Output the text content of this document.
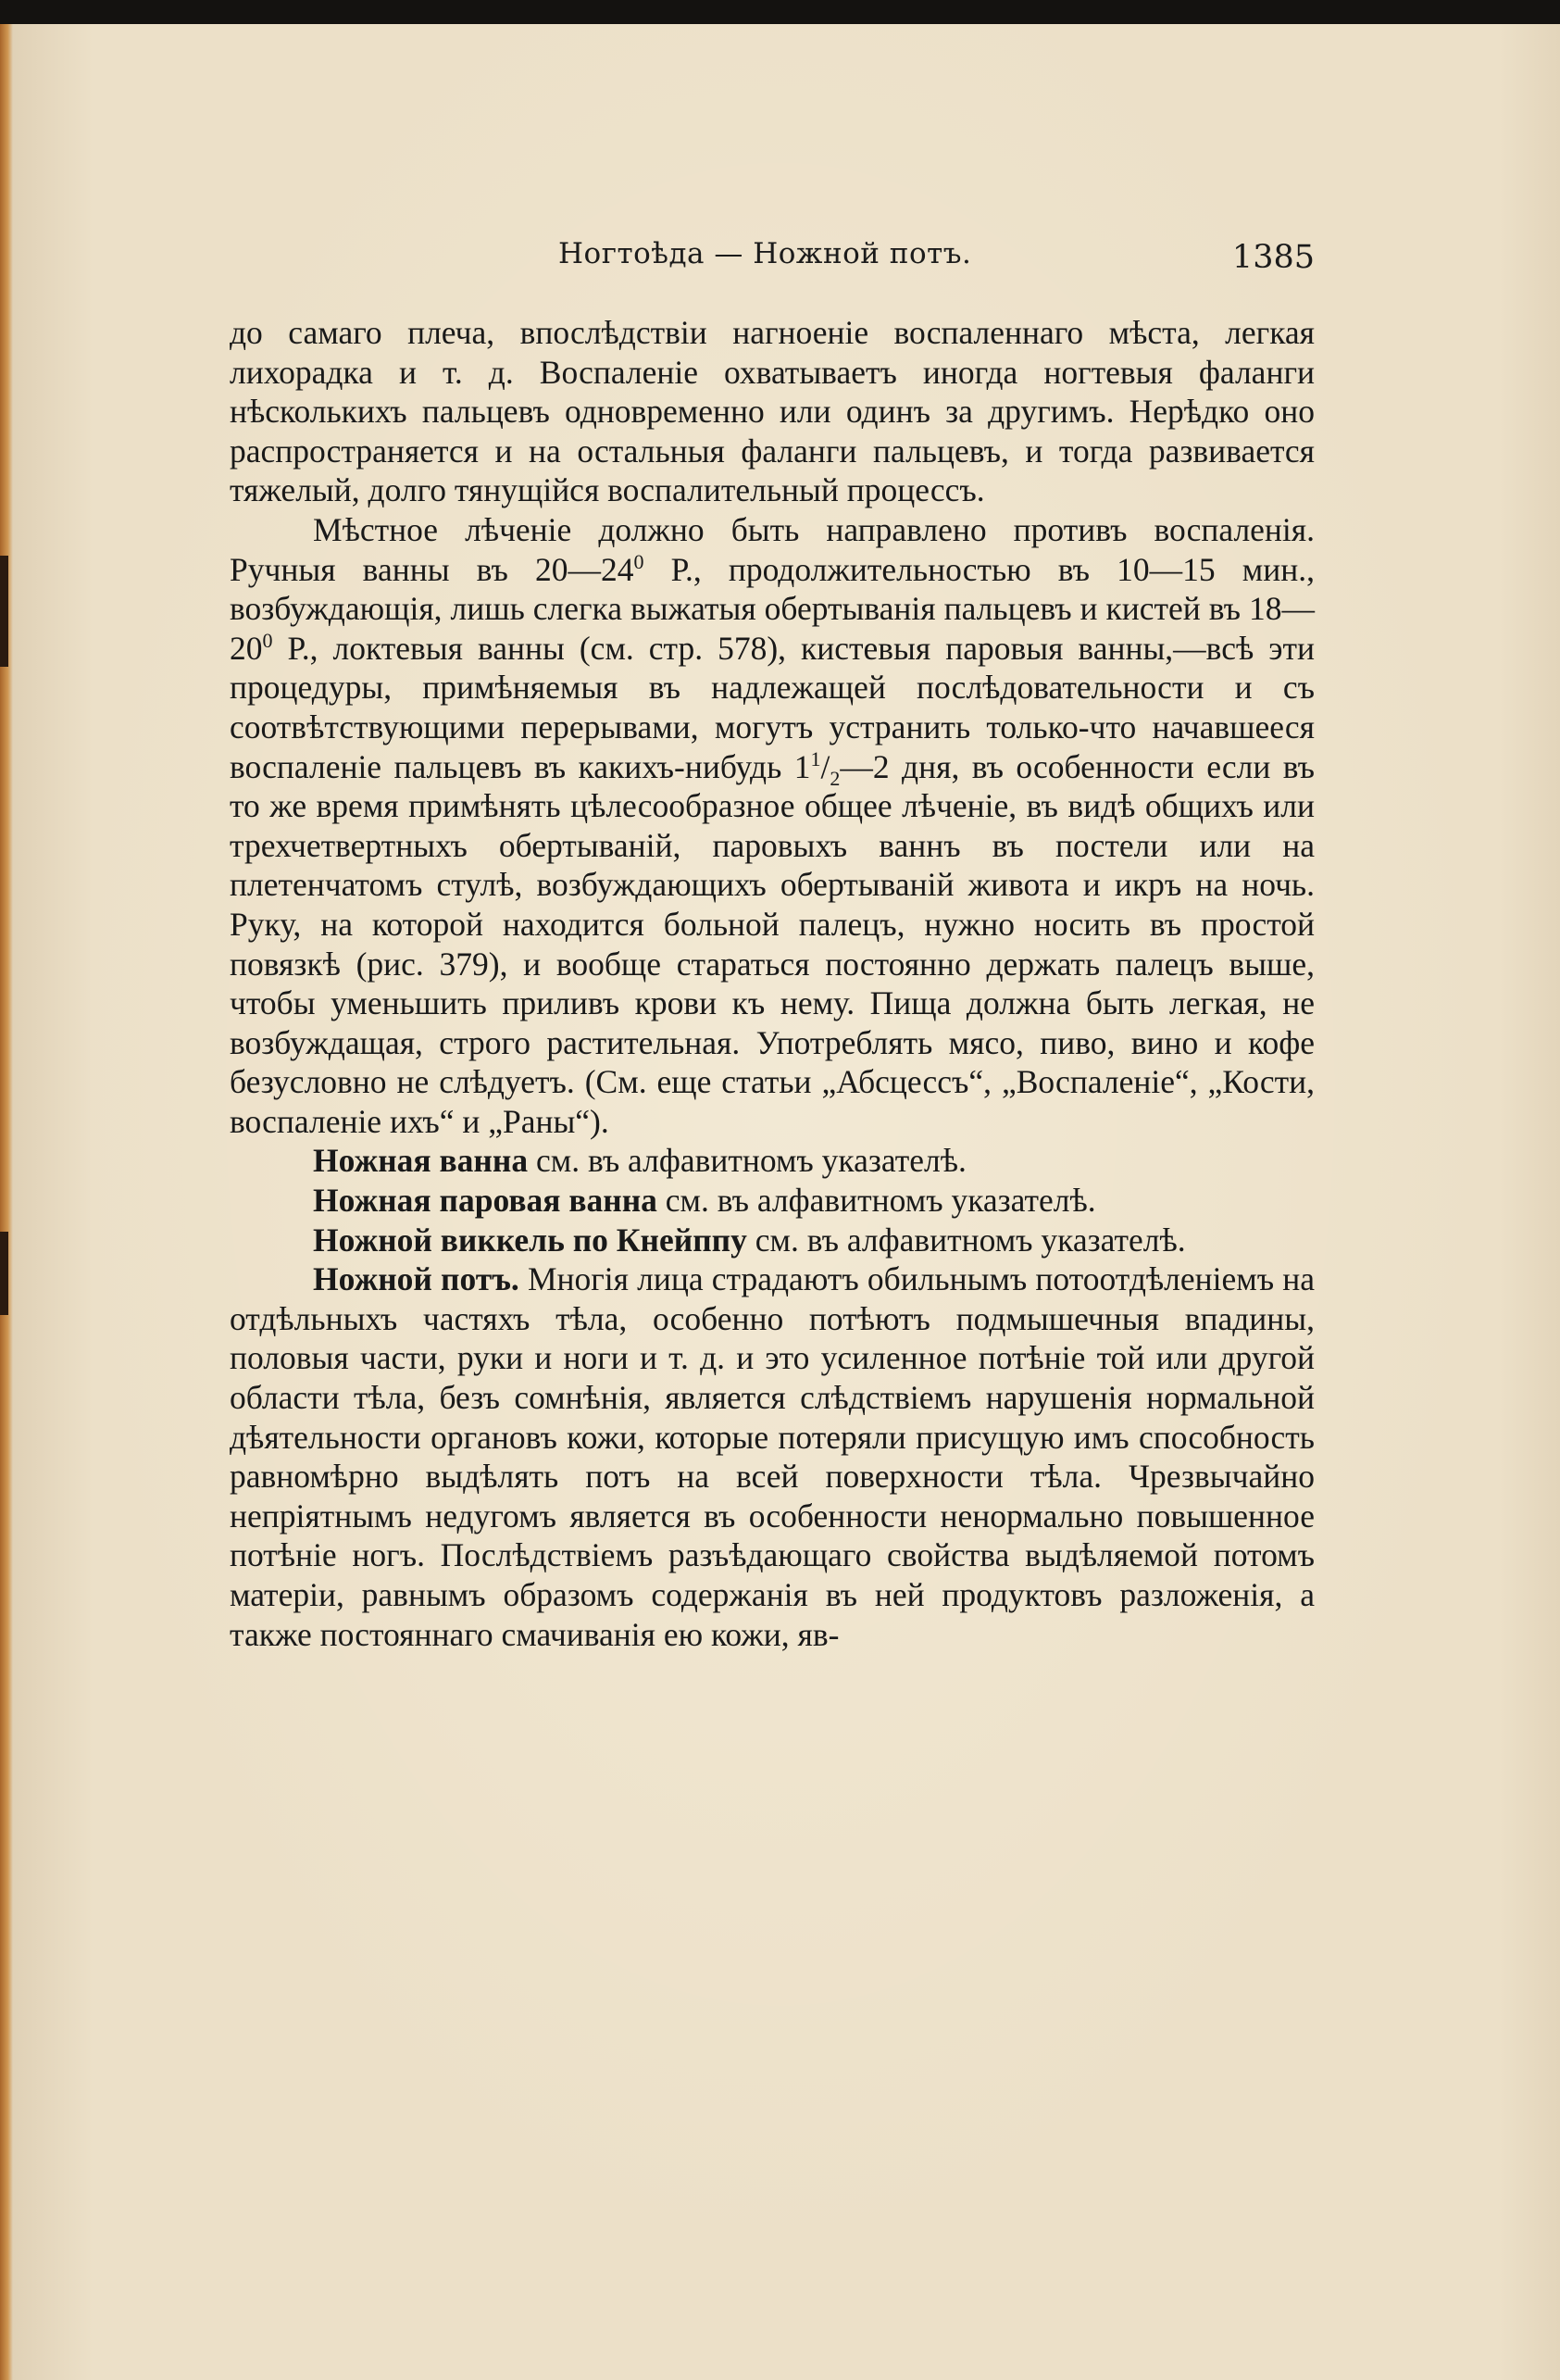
Ногтоѣда — Ножной потъ.	1385

до самаго плеча, впослѣдствіи нагноеніе воспаленнаго мѣста, легкая лихорадка и т. д. Воспаленіе охватываетъ иногда ногтевыя фаланги нѣсколькихъ пальцевъ одновременно или одинъ за другимъ. Нерѣдко оно распространяется и на остальныя фаланги пальцевъ, и тогда развивается тяжелый, долго тянущійся воспалительный процессъ.

Мѣстное лѣченіе должно быть направлено противъ воспаленія. Ручныя ванны въ $20—24^0$ Р., продолжительностью въ 10—15 мин., возбуждающія, лишь слегка выжатыя обертыванія пальцевъ и кистей въ $18—20^0$ Р., локтевыя ванны (см. стр. 578), кистевыя паровыя ванны,—всѣ эти процедуры, примѣняемыя въ надлежащей послѣдовательности и съ соотвѣтствующими перерывами, могутъ устранить только-что начавшееся воспаленіе пальцевъ въ какихъ-нибудь $1^1/_2—2$ дня, въ особенности если въ то же время примѣнять цѣлесообразное общее лѣченіе, въ видѣ общихъ или трехчетвертныхъ обертываній, паровыхъ ваннъ въ постели или на плетенчатомъ стулѣ, возбуждающихъ обертываній живота и икръ на ночь. Руку, на которой находится больной палецъ, нужно носить въ простой повязкѣ (рис. 379), и вообще стараться постоянно держать палецъ выше, чтобы уменьшить приливъ крови къ нему. Пища должна быть легкая, не возбуждащая, строго растительная. Употреблять мясо, пиво, вино и кофе безусловно не слѣдуетъ. (См. еще статьи „Абсцессъ“, „Воспаленіе“, „Кости, воспаленіе ихъ“ и „Раны“).

Ножная ванна см. въ алфавитномъ указателѣ.

Ножная паровая ванна см. въ алфавитномъ указателѣ.

Ножной виккель по Кнейппу см. въ алфавитномъ указателѣ.

Ножной потъ. Многія лица страдаютъ обильнымъ потоотдѣленіемъ на отдѣльныхъ частяхъ тѣла, особенно потѣютъ подмышечныя впадины, половыя части, руки и ноги и т. д. и это усиленное потѣніе той или другой области тѣла, безъ сомнѣнія, является слѣдствіемъ нарушенія нормальной дѣятельности органовъ кожи, которые потеряли присущую имъ способность равномѣрно выдѣлять потъ на всей поверхности тѣла. Чрезвычайно непріятнымъ недугомъ является въ особенности ненормально повышенное потѣніе ногъ. Послѣдствіемъ разъѣдающаго свойства выдѣляемой потомъ матеріи, равнымъ образомъ содержанія въ ней продуктовъ разложенія, а также постояннаго смачиванія ею кожи, яв-
